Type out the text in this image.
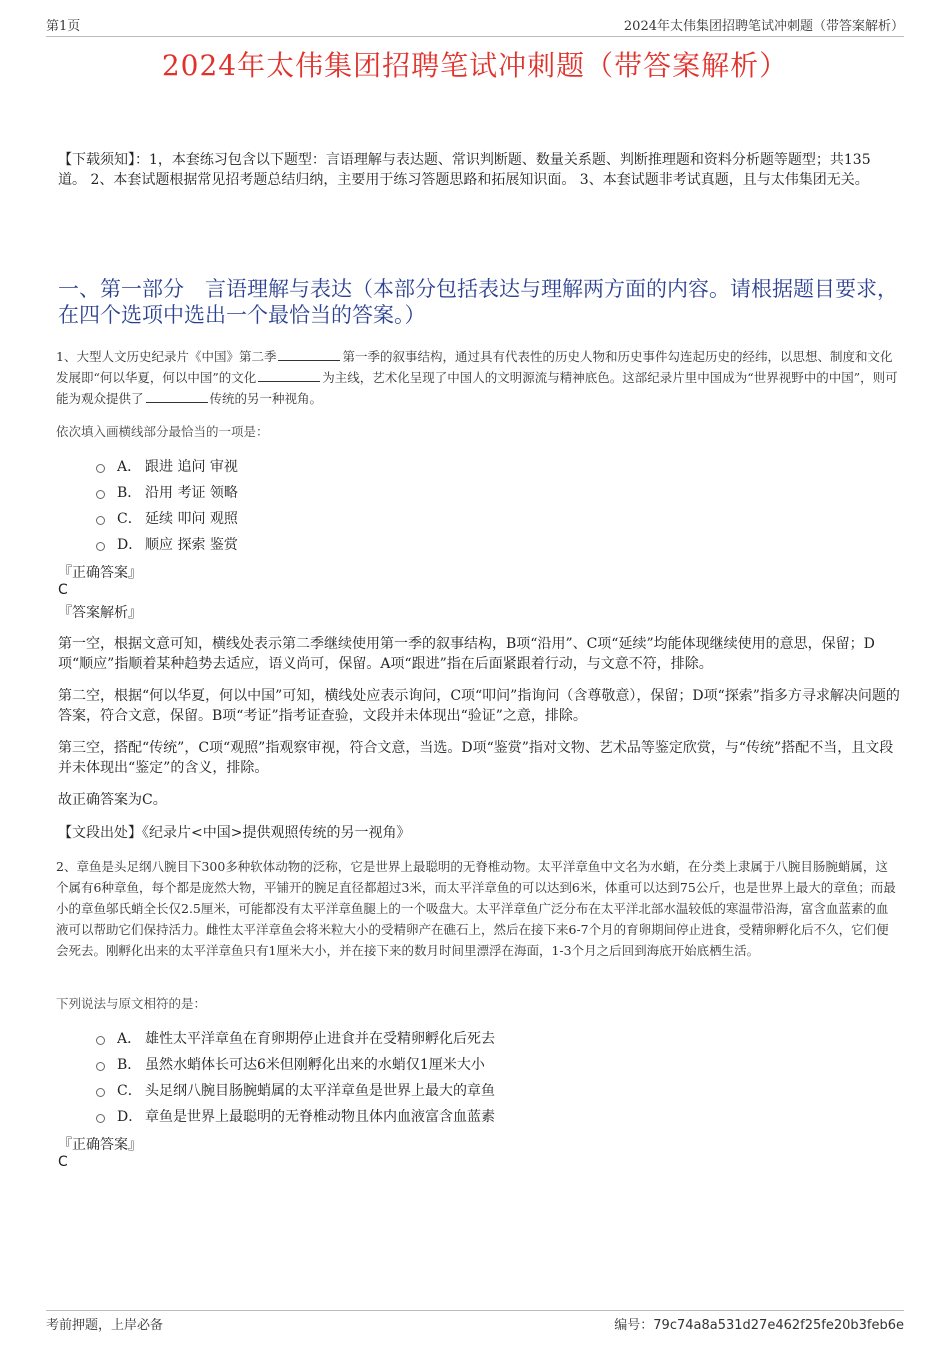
第1页	2024年太伟集团招聘笔试冲刺题（带答案解析）
2024年太伟集团招聘笔试冲刺题（带答案解析）
【下载须知】：1，本套练习包含以下题型：言语理解与表达题、常识判断题、数量关系题、判断推理题和资料分析题等题型；共135道。 2、本套试题根据常见招考题总结归纳，主要用于练习答题思路和拓展知识面。 3、本套试题非考试真题，且与太伟集团无关。
一、第一部分　言语理解与表达（本部分包括表达与理解两方面的内容。请根据题目要求，在四个选项中选出一个最恰当的答案。）
1、大型人文历史纪录片《中国》第二季	第一季的叙事结构，通过具有代表性的历史人物和历史事件勾连起历史的经纬，以思想、制度和文化发展即“何以华夏，何以中国”的文化	为主线，艺术化呈现了中国人的文明源流与精神底色。这部纪录片里中国成为“世界视野中的中国”，则可能为观众提供了	传统的另一种视角。
依次填入画横线部分最恰当的一项是：
A． 跟进 追问 审视
B． 沿用 考证 领略
C． 延续 叩问 观照
D． 顺应 探索 鉴赏
『正确答案』
C
『答案解析』
第一空，根据文意可知，横线处表示第二季继续使用第一季的叙事结构，B项“沿用”、C项“延续”均能体现继续使用的意思，保留；D项“顺应”指顺着某种趋势去适应，语义尚可，保留。A项“跟进”指在后面紧跟着行动，与文意不符，排除。
第二空，根据“何以华夏，何以中国”可知，横线处应表示询问，C项“叩问”指询问（含尊敬意），保留；D项“探索”指多方寻求解决问题的答案，符合文意，保留。B项“考证”指考证查验，文段并未体现出“验证”之意，排除。
第三空，搭配“传统”，C项“观照”指观察审视，符合文意，当选。D项“鉴赏”指对文物、艺术品等鉴定欣赏，与“传统”搭配不当，且文段并未体现出“鉴定”的含义，排除。
故正确答案为C。
【文段出处】《纪录片<中国>提供观照传统的另一视角》
2、章鱼是头足纲八腕目下300多种软体动物的泛称，它是世界上最聪明的无脊椎动物。太平洋章鱼中文名为水蛸，在分类上隶属于八腕目肠腕蛸属，这个属有6种章鱼，每个都是庞然大物，平铺开的腕足直径都超过3米，而太平洋章鱼的可以达到6米，体重可以达到75公斤，也是世界上最大的章鱼；而最小的章鱼邬氏蛸全长仅2.5厘米，可能都没有太平洋章鱼腿上的一个吸盘大。太平洋章鱼广泛分布在太平洋北部水温较低的寒温带沿海，富含血蓝素的血液可以帮助它们保持活力。雌性太平洋章鱼会将米粒大小的受精卵产在礁石上，然后在接下来6-7个月的育卵期间停止进食，受精卵孵化后不久，它们便会死去。刚孵化出来的太平洋章鱼只有1厘米大小，并在接下来的数月时间里漂浮在海面，1-3个月之后回到海底开始底栖生活。
下列说法与原文相符的是：
A． 雄性太平洋章鱼在育卵期停止进食并在受精卵孵化后死去
B． 虽然水蛸体长可达6米但刚孵化出来的水蛸仅1厘米大小
C． 头足纲八腕目肠腕蛸属的太平洋章鱼是世界上最大的章鱼
D． 章鱼是世界上最聪明的无脊椎动物且体内血液富含血蓝素
『正确答案』
C
考前押题，上岸必备	编号：79c74a8a531d27e462f25fe20b3feb6e
